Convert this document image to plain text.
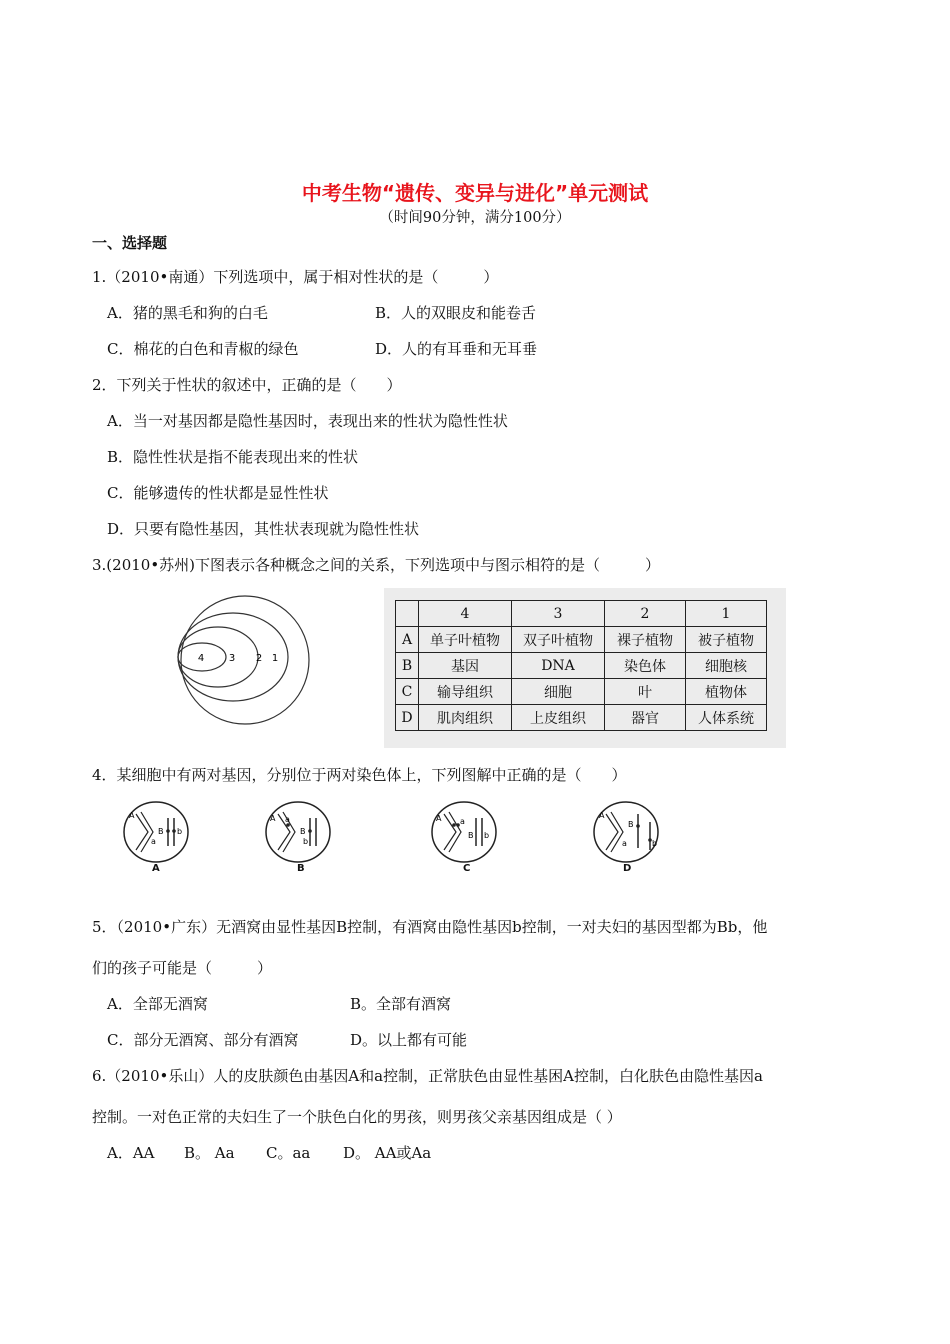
中考生物“遗传、变异与进化”单元测试
（时间90分钟，满分100分）
一、选择题
1.（2010•南通）下列选项中，属于相对性状的是（　　　）
A．猪的黑毛和狗的白毛	B．人的双眼皮和能卷舌
C．棉花的白色和青椒的绿色	D．人的有耳垂和无耳垂
2．下列关于性状的叙述中，正确的是（　　）
A．当一对基因都是隐性基因时，表现出来的性状为隐性性状
B．隐性性状是指不能表现出来的性状
C．能够遗传的性状都是显性性状
D．只要有隐性基因，其性状表现就为隐性性状
3.(2010•苏州)下图表示各种概念之间的关系，下列选项中与图示相符的是（　　　）
4 3 2 1
	4	3	2	1
A	单子叶植物	双子叶植物	裸子植物	被子植物
B	基因	DNA	染色体	细胞核
C	输导组织	细胞	叶	植物体
D	肌肉组织	上皮组织	器官	人体系统
4．某细胞中有两对基因，分别位于两对染色体上，下列图解中正确的是（　　）
A
B
a
b
A
A a
B
b
B
A a
B b
C
A
B
a	b
D
5．（2010•广东）无酒窝由显性基因B控制，有酒窝由隐性基因b控制，一对夫妇的基因型都为Bb，他
们的孩子可能是（　　　）
A．全部无酒窝	B。全部有酒窝
C．部分无酒窝、部分有酒窝	D。以上都有可能
6.（2010•乐山）人的皮肤颜色由基因A和a控制，正常肤色由显性基困A控制，白化肤色由隐性基因a
控制。一对色正常的夫妇生了一个肤色白化的男孩，则男孩父亲基因组成是（ ）
A．AA B。 Aa C。aa D。 AA或Aa
